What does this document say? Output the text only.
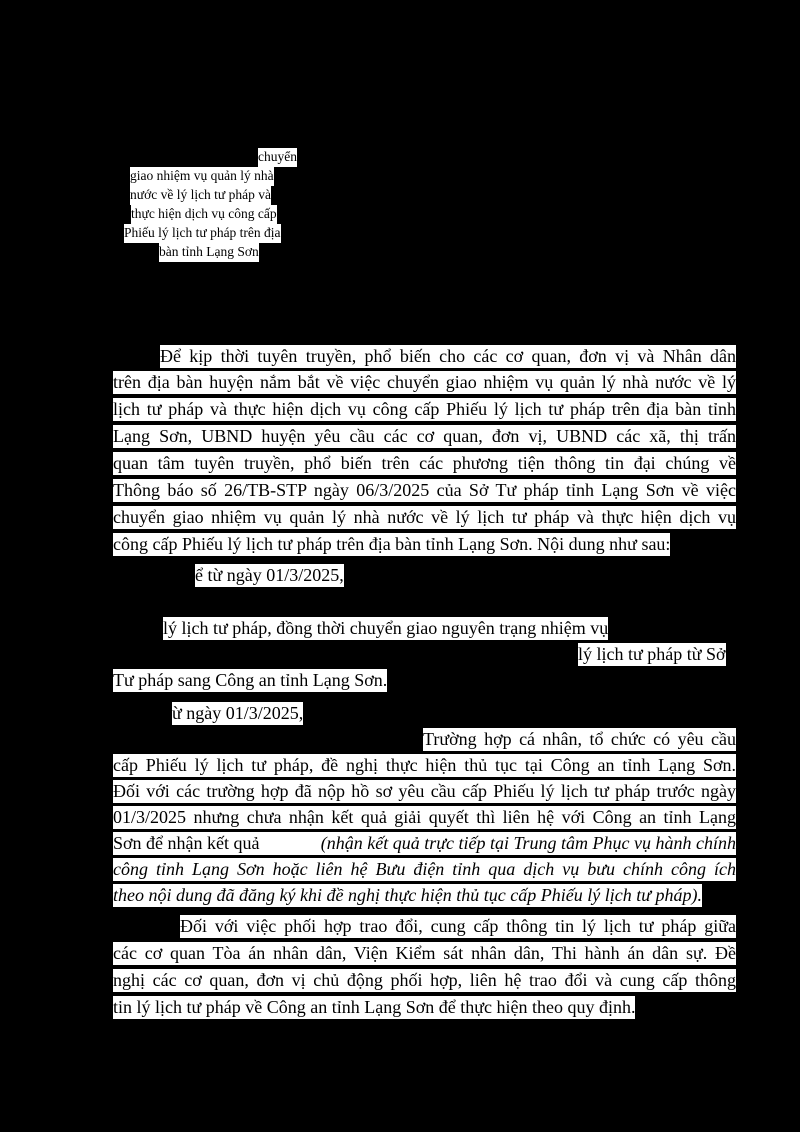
chuyển
giao nhiệm vụ quản lý nhà
nước về lý lịch tư pháp và
thực hiện dịch vụ công cấp
Phiếu lý lịch tư pháp trên địa
bàn tỉnh Lạng Sơn
Để kịp thời tuyên truyền, phổ biến cho các cơ quan, đơn vị và Nhân dân
trên địa bàn huyện nắm bắt về việc chuyển giao nhiệm vụ quản lý nhà nước về lý
lịch tư pháp và thực hiện dịch vụ công cấp Phiếu lý lịch tư pháp trên địa bàn tỉnh
Lạng Sơn, UBND huyện yêu cầu các cơ quan, đơn vị, UBND các xã, thị trấn
quan tâm tuyên truyền, phổ biến trên các phương tiện thông tin đại chúng về
Thông báo số 26/TB-STP ngày 06/3/2025 của Sở Tư pháp tỉnh Lạng Sơn về việc
chuyển giao nhiệm vụ quản lý nhà nước về lý lịch tư pháp và thực hiện dịch vụ
công cấp Phiếu lý lịch tư pháp trên địa bàn tỉnh Lạng Sơn. Nội dung như sau:
ể từ ngày 01/3/2025,
lý lịch tư pháp, đồng thời chuyển giao nguyên trạng nhiệm vụ
lý lịch tư pháp từ Sở
Tư pháp sang Công an tỉnh Lạng Sơn.
ừ ngày 01/3/2025,
Trường hợp cá nhân, tổ chức có yêu cầu
cấp Phiếu lý lịch tư pháp, đề nghị thực hiện thủ tục tại Công an tỉnh Lạng Sơn.
Đối với các trường hợp đã nộp hồ sơ yêu cầu cấp Phiếu lý lịch tư pháp trước ngày
01/3/2025 nhưng chưa nhận kết quả giải quyết thì liên hệ với Công an tỉnh Lạng
Sơn để nhận kết quả	(nhận kết quả trực tiếp tại Trung tâm Phục vụ hành chính
công tỉnh Lạng Sơn hoặc liên hệ Bưu điện tỉnh qua dịch vụ bưu chính công ích
theo nội dung đã đăng ký khi đề nghị thực hiện thủ tục cấp Phiếu lý lịch tư pháp).
Đối với việc phối hợp trao đổi, cung cấp thông tin lý lịch tư pháp giữa
các cơ quan Tòa án nhân dân, Viện Kiểm sát nhân dân, Thi hành án dân sự. Đề
nghị các cơ quan, đơn vị chủ động phối hợp, liên hệ trao đổi và cung cấp thông
tin lý lịch tư pháp về Công an tỉnh Lạng Sơn để thực hiện theo quy định.
